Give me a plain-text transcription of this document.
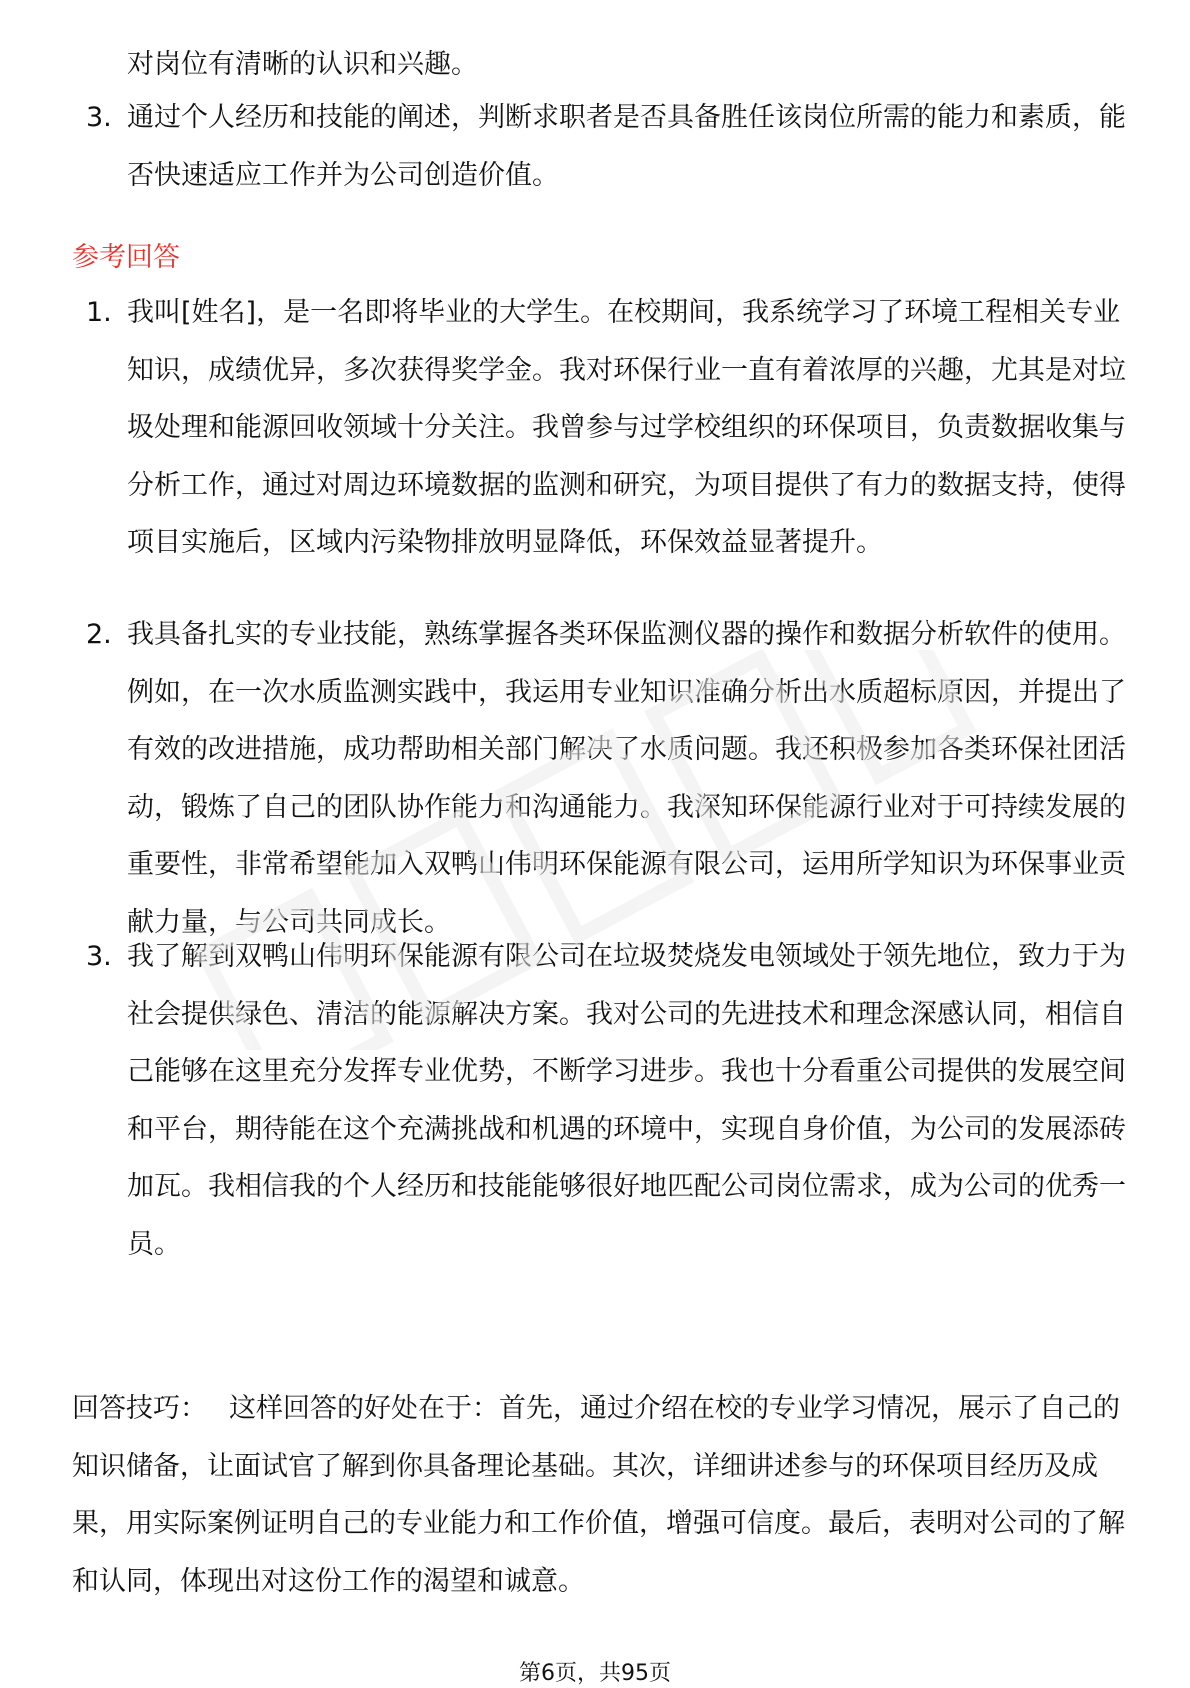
对岗位有清晰的认识和兴趣。
3. 通过个人经历和技能的阐述，判断求职者是否具备胜任该岗位所需的能力和素质，能否快速适应工作并为公司创造价值。
参考回答
1. 我叫[姓名]，是一名即将毕业的大学生。在校期间，我系统学习了环境工程相关专业知识，成绩优异，多次获得奖学金。我对环保行业一直有着浓厚的兴趣，尤其是对垃圾处理和能源回收领域十分关注。我曾参与过学校组织的环保项目，负责数据收集与分析工作，通过对周边环境数据的监测和研究，为项目提供了有力的数据支持，使得项目实施后，区域内污染物排放明显降低，环保效益显著提升。
2. 我具备扎实的专业技能，熟练掌握各类环保监测仪器的操作和数据分析软件的使用。例如，在一次水质监测实践中，我运用专业知识准确分析出水质超标原因，并提出了有效的改进措施，成功帮助相关部门解决了水质问题。我还积极参加各类环保社团活动，锻炼了自己的团队协作能力和沟通能力。我深知环保能源行业对于可持续发展的重要性，非常希望能加入双鸭山伟明环保能源有限公司，运用所学知识为环保事业贡献力量，与公司共同成长。
3. 我了解到双鸭山伟明环保能源有限公司在垃圾焚烧发电领域处于领先地位，致力于为社会提供绿色、清洁的能源解决方案。我对公司的先进技术和理念深感认同，相信自己能够在这里充分发挥专业优势，不断学习进步。我也十分看重公司提供的发展空间和平台，期待能在这个充满挑战和机遇的环境中，实现自身价值，为公司的发展添砖加瓦。我相信我的个人经历和技能能够很好地匹配公司岗位需求，成为公司的优秀一员。
回答技巧： 这样回答的好处在于：首先，通过介绍在校的专业学习情况，展示了自己的知识储备，让面试官了解到你具备理论基础。其次，详细讲述参与的环保项目经历及成果，用实际案例证明自己的专业能力和工作价值，增强可信度。最后，表明对公司的了解和认同，体现出对这份工作的渴望和诚意。
第6页，共95页
